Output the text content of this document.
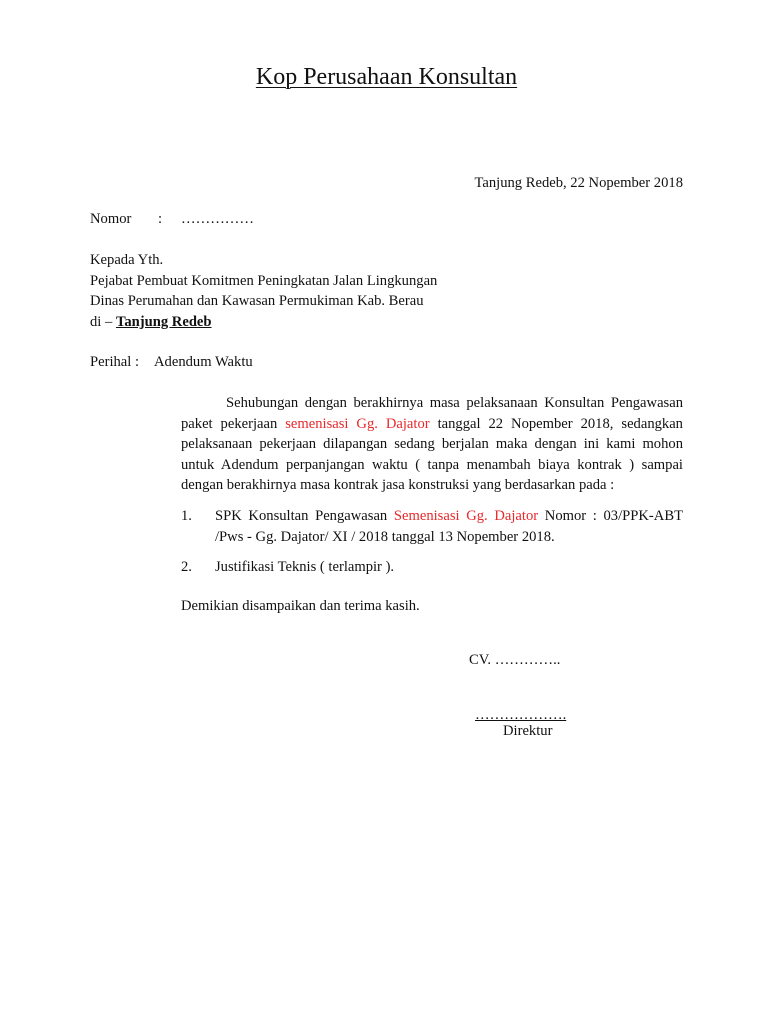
Kop Perusahaan Konsultan
Tanjung Redeb, 22 Nopember 2018
Nomor : ……………
Kepada Yth.
Pejabat Pembuat Komitmen Peningkatan Jalan Lingkungan
Dinas Perumahan dan Kawasan Permukiman Kab. Berau
di – Tanjung Redeb
Perihal : Adendum Waktu
Sehubungan dengan berakhirnya masa pelaksanaan Konsultan Pengawasan paket pekerjaan semenisasi Gg. Dajator tanggal 22 Nopember 2018, sedangkan pelaksanaan pekerjaan dilapangan sedang berjalan maka dengan ini kami mohon untuk Adendum perpanjangan waktu ( tanpa menambah biaya kontrak ) sampai dengan berakhirnya masa kontrak jasa konstruksi yang berdasarkan pada :
1. SPK Konsultan Pengawasan Semenisasi Gg. Dajator Nomor : 03/PPK-ABT /Pws - Gg. Dajator/ XI / 2018 tanggal 13 Nopember 2018.
2. Justifikasi Teknis ( terlampir ).
Demikian disampaikan dan terima kasih.
CV. …………..
……………….
Direktur
